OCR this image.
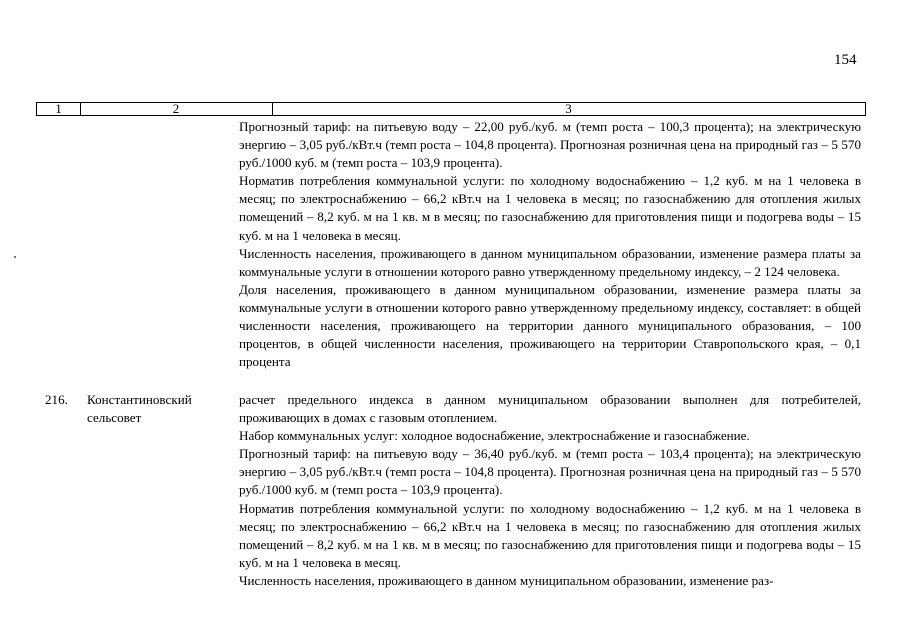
154
1	2	3

Прогнозный тариф: на питьевую воду – 22,00 руб./куб. м (темп роста – 100,3 процента); на электрическую энергию – 3,05 руб./кВт.ч (темп роста – 104,8 процента). Прогнозная розничная цена на природный газ – 5 570 руб./1000 куб. м (темп роста – 103,9 процента).

Норматив потребления коммунальной услуги: по холодному водоснабжению – 1,2 куб. м на 1 человека в месяц; по электроснабжению – 66,2 кВт.ч на 1 человека в месяц; по газоснабжению для отопления жилых помещений – 8,2 куб. м на 1 кв. м в месяц; по газоснабжению для приготовления пищи и подогрева воды – 15 куб. м на 1 человека в месяц.

Численность населения, проживающего в данном муниципальном образовании, изменение размера платы за коммунальные услуги в отношении которого равно утвержденному предельному индексу, – 2 124 человека.

Доля населения, проживающего в данном муниципальном образовании, изменение размера платы за коммунальные услуги в отношении которого равно утвержденному предельному индексу, составляет: в общей численности населения, проживающего на территории данного муниципального образования, – 100 процентов, в общей численности населения, проживающего на территории Ставропольского края, – 0,1 процента

216. Константиновский сельсовет

расчет предельного индекса в данном муниципальном образовании выполнен для потребителей, проживающих в домах с газовым отоплением.

Набор коммунальных услуг: холодное водоснабжение, электроснабжение и газоснабжение.

Прогнозный тариф: на питьевую воду – 36,40 руб./куб. м (темп роста – 103,4 процента); на электрическую энергию – 3,05 руб./кВт.ч (темп роста – 104,8 процента). Прогнозная розничная цена на природный газ – 5 570 руб./1000 куб. м (темп роста – 103,9 процента).

Норматив потребления коммунальной услуги: по холодному водоснабжению – 1,2 куб. м на 1 человека в месяц; по электроснабжению – 66,2 кВт.ч на 1 человека в месяц; по газоснабжению для отопления жилых помещений – 8,2 куб. м на 1 кв. м в месяц; по газоснабжению для приготовления пищи и подогрева воды – 15 куб. м на 1 человека в месяц.

Численность населения, проживающего в данном муниципальном образовании, изменение раз-
